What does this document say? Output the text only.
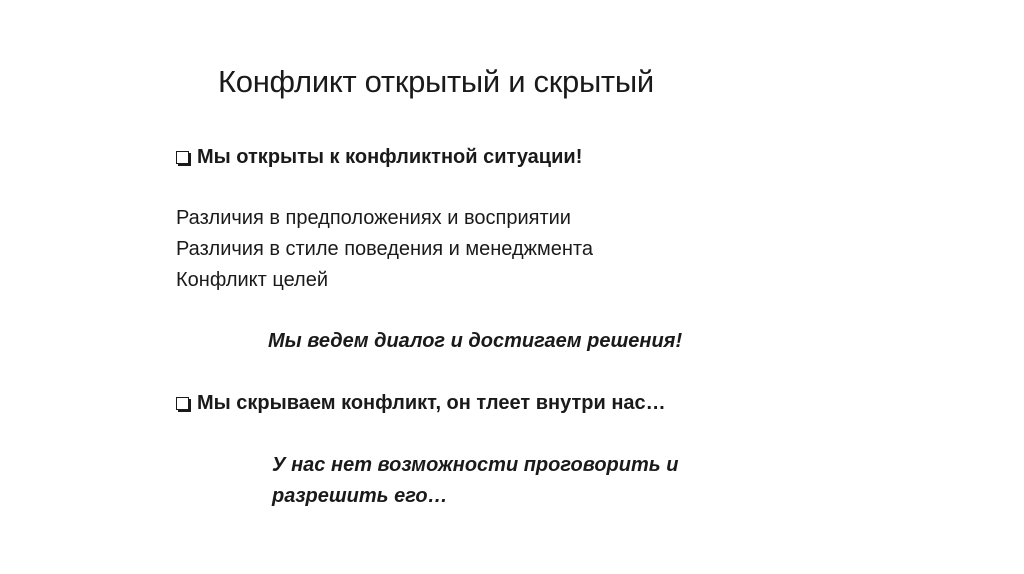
Конфликт открытый и скрытый
Мы открыты к конфликтной ситуации!
Различия в предположениях и восприятии
Различия в стиле поведения и менеджмента
Конфликт целей
Мы ведем диалог и достигаем решения!
Мы скрываем конфликт, он тлеет внутри нас…
У нас нет возможности проговорить и
разрешить его…
